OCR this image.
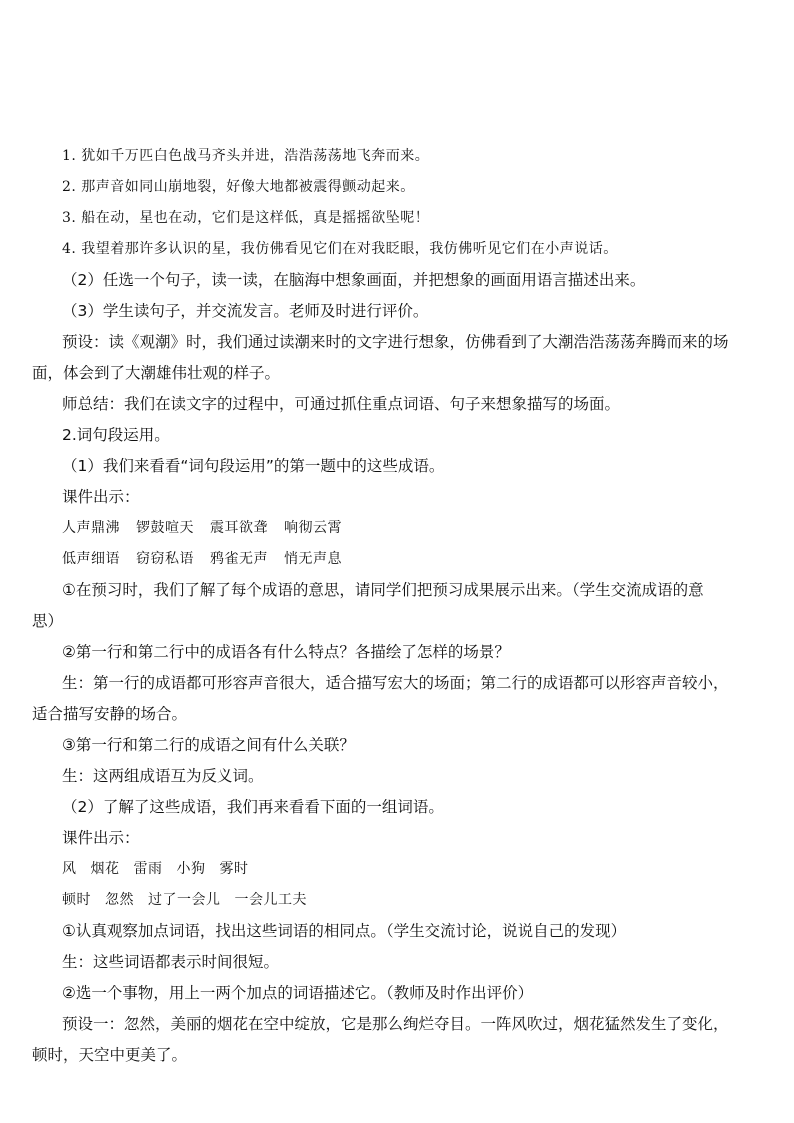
1. 犹如千万匹白色战马齐头并进，浩浩荡荡地飞奔而来。
2. 那声音如同山崩地裂，好像大地都被震得颤动起来。
3. 船在动，星也在动，它们是这样低，真是摇摇欲坠呢！
4. 我望着那许多认识的星，我仿佛看见它们在对我眨眼，我仿佛听见它们在小声说话。
（2）任选一个句子，读一读，在脑海中想象画面，并把想象的画面用语言描述出来。
（3）学生读句子，并交流发言。老师及时进行评价。
预设：读《观潮》时，我们通过读潮来时的文字进行想象，仿佛看到了大潮浩浩荡荡奔腾而来的场
面，体会到了大潮雄伟壮观的样子。
师总结：我们在读文字的过程中，可通过抓住重点词语、句子来想象描写的场面。
2.词句段运用。
（1）我们来看看“词句段运用”的第一题中的这些成语。
课件出示：
人声鼎沸 锣鼓喧天 震耳欲聋 响彻云霄
低声细语 窃窃私语 鸦雀无声 悄无声息
①在预习时，我们了解了每个成语的意思，请同学们把预习成果展示出来。（学生交流成语的意
思）
②第一行和第二行中的成语各有什么特点？各描绘了怎样的场景？
生：第一行的成语都可形容声音很大，适合描写宏大的场面；第二行的成语都可以形容声音较小，
适合描写安静的场合。
③第一行和第二行的成语之间有什么关联？
生：这两组成语互为反义词。
（2）了解了这些成语，我们再来看看下面的一组词语。
课件出示：
风 烟花 雷雨 小狗 雾时
顿时 忽然 过了一会儿 一会儿工夫
①认真观察加点词语，找出这些词语的相同点。（学生交流讨论，说说自己的发现）
生：这些词语都表示时间很短。
②选一个事物，用上一两个加点的词语描述它。（教师及时作出评价）
预设一：忽然，美丽的烟花在空中绽放，它是那么绚烂夺目。一阵风吹过，烟花猛然发生了变化，
顿时，天空中更美了。
